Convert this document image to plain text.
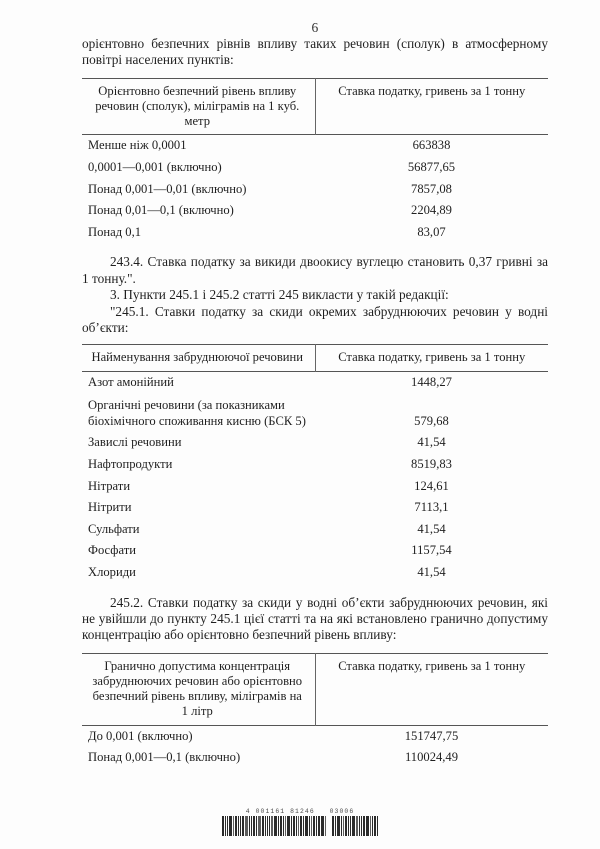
6

орієнтовно безпечних рівнів впливу таких речовин (сполук) в атмосферному повітрі населених пунктів:

Орієнтовно безпечний рівень впливу речовин (сполук), міліграмів на 1 куб. метр	Ставка податку, гривень за 1 тонну
Менше ніж 0,0001	663838
0,0001—0,001 (включно)	56877,65
Понад 0,001—0,01 (включно)	7857,08
Понад 0,01—0,1 (включно)	2204,89
Понад 0,1	83,07

243.4. Ставка податку за викиди двоокису вуглецю становить 0,37 гривні за 1 тонну.".

3. Пункти 245.1 і 245.2 статті 245 викласти у такій редакції:

"245.1. Ставки податку за скиди окремих забруднюючих речовин у водні об’єкти:

Найменування забруднюючої речовини	Ставка податку, гривень за 1 тонну
Азот амонійний	1448,27
Органічні речовини (за показниками біохімічного споживання кисню (БСК 5)	579,68
Завислі речовини	41,54
Нафтопродукти	8519,83
Нітрати	124,61
Нітрити	7113,1
Сульфати	41,54
Фосфати	1157,54
Хлориди	41,54

245.2. Ставки податку за скиди у водні об’єкти забруднюючих речовин, які не увійшли до пункту 245.1 цієї статті та на які встановлено гранично допустиму концентрацію або орієнтовно безпечний рівень впливу:

Гранично допустима концентрація забруднюючих речовин або орієнтовно безпечний рівень впливу, міліграмів на 1 літр	Ставка податку, гривень за 1 тонну
До 0,001 (включно)	151747,75
Понад 0,001—0,1 (включно)	110024,49
4 001161 81246   03006
